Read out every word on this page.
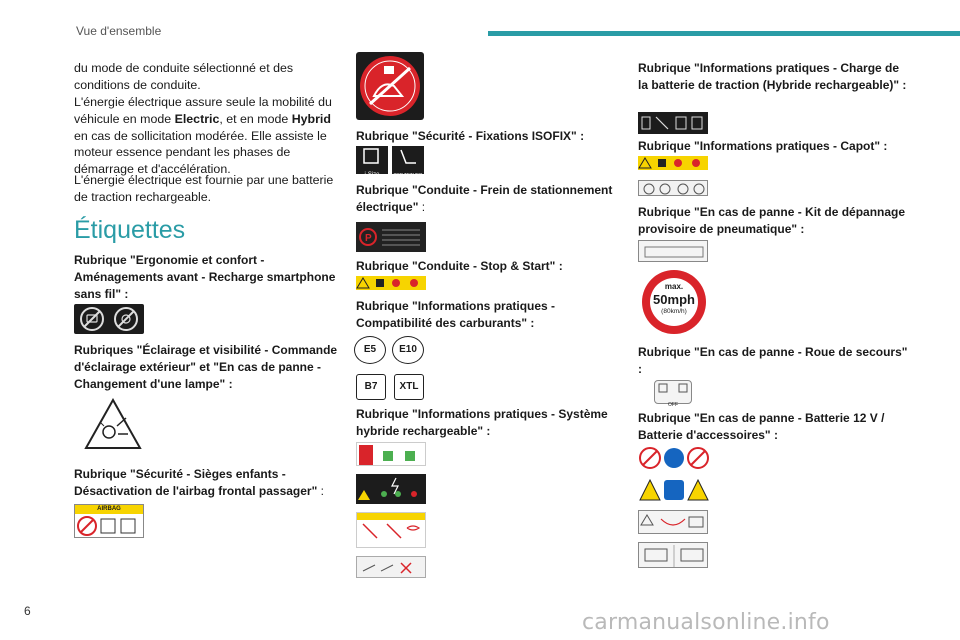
Vue d'ensemble
du mode de conduite sélectionné et des
conditions de conduite.
L'énergie électrique assure seule la mobilité du véhicule en mode Electric, et en mode Hybrid en cas de sollicitation modérée. Elle assiste le moteur essence pendant les phases de démarrage et d'accélération.
L'énergie électrique est fournie par une batterie de traction rechargeable.
Étiquettes
Rubrique "Ergonomie et confort - Aménagements avant - Recharge smartphone sans fil" :
Rubriques "Éclairage et visibilité - Commande d'éclairage extérieur" et "En cas de panne - Changement d'une lampe" :
Rubrique "Sécurité - Sièges enfants - Désactivation de l'airbag frontal passager" :
AIRBAG
Rubrique "Sécurité - Fixations ISOFIX" :
i-Size	TOP TETHER
Rubrique "Conduite - Frein de stationnement électrique" :
P
Rubrique "Conduite - Stop & Start" :
Rubrique "Informations pratiques - Compatibilité des carburants" :
E5	E10
B7	XTL
Rubrique "Informations pratiques - Système hybride rechargeable" :
Rubrique "Informations pratiques - Charge de la batterie de traction (Hybride rechargeable)" :
Rubrique "Informations pratiques - Capot" :
Rubrique "En cas de panne - Kit de dépannage provisoire de pneumatique" :
max.
50mph
(80km/h)
Rubrique "En cas de panne - Roue de secours" :
OFF
Rubrique "En cas de panne - Batterie 12 V / Batterie d'accessoires" :
6	carmanualsonline.info
